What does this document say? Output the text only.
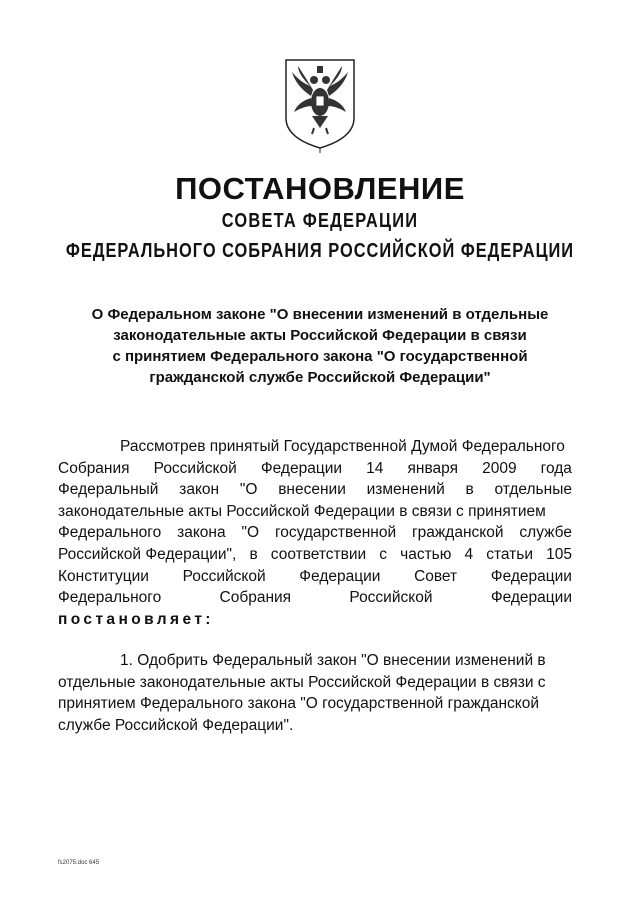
ПОСТАНОВЛЕНИЕ
СОВЕТА ФЕДЕРАЦИИ
ФЕДЕРАЛЬНОГО СОБРАНИЯ РОССИЙСКОЙ ФЕДЕРАЦИИ
О Федеральном законе "О внесении изменений в отдельные
законодательные акты Российской Федерации в связи
с принятием Федерального закона "О государственной
гражданской службе Российской Федерации"
Рассмотрев принятый Государственной Думой Федерального
Собрания Российской Федерации 14 января 2009 года
Федеральный закон "О внесении изменений в отдельные
законодательные акты Российской Федерации в связи с принятием
Федерального закона "О государственной гражданской службе
Российской Федерации", в соответствии с частью 4 статьи 105
Конституции Российской Федерации Совет Федерации
Федерального	Собрания	Российской	Федерации
постановляет:
1. Одобрить Федеральный закон "О внесении изменений в
отдельные законодательные акты Российской Федерации в связи с
принятием Федерального закона "О государственной гражданской
службе Российской Федерации".
fs2075.doc 645
